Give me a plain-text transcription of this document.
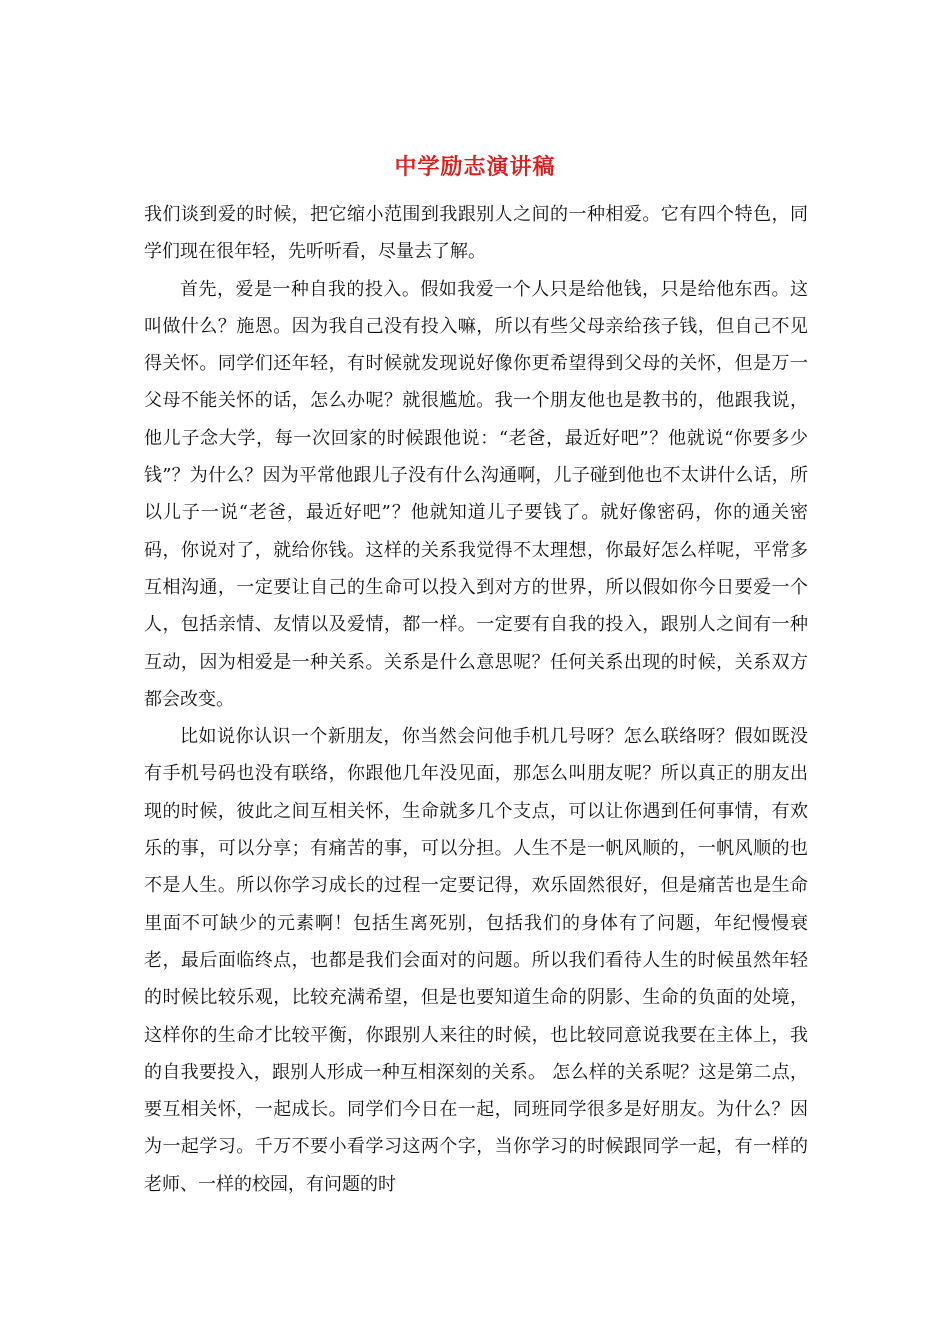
中学励志演讲稿

我们谈到爱的时候，把它缩小范围到我跟别人之间的一种相爱。它有四个特色，同学们现在很年轻，先听听看，尽量去了解。

首先，爱是一种自我的投入。假如我爱一个人只是给他钱，只是给他东西。这叫做什么？施恩。因为我自己没有投入嘛，所以有些父母亲给孩子钱，但自己不见得关怀。同学们还年轻，有时候就发现说好像你更希望得到父母的关怀，但是万一父母不能关怀的话，怎么办呢？就很尴尬。我一个朋友他也是教书的，他跟我说，他儿子念大学，每一次回家的时候跟他说：“老爸，最近好吧”？他就说“你要多少钱”？为什么？因为平常他跟儿子没有什么沟通啊，儿子碰到他也不太讲什么话，所以儿子一说“老爸，最近好吧”？他就知道儿子要钱了。就好像密码，你的通关密码，你说对了，就给你钱。这样的关系我觉得不太理想，你最好怎么样呢，平常多互相沟通，一定要让自己的生命可以投入到对方的世界，所以假如你今日要爱一个人，包括亲情、友情以及爱情，都一样。一定要有自我的投入，跟别人之间有一种互动，因为相爱是一种关系。关系是什么意思呢？任何关系出现的时候，关系双方都会改变。

比如说你认识一个新朋友，你当然会问他手机几号呀？怎么联络呀？假如既没有手机号码也没有联络，你跟他几年没见面，那怎么叫朋友呢？所以真正的朋友出现的时候，彼此之间互相关怀，生命就多几个支点，可以让你遇到任何事情，有欢乐的事，可以分享；有痛苦的事，可以分担。人生不是一帆风顺的，一帆风顺的也不是人生。所以你学习成长的过程一定要记得，欢乐固然很好，但是痛苦也是生命里面不可缺少的元素啊！包括生离死别，包括我们的身体有了问题，年纪慢慢衰老，最后面临终点，也都是我们会面对的问题。所以我们看待人生的时候虽然年轻的时候比较乐观，比较充满希望，但是也要知道生命的阴影、生命的负面的处境，这样你的生命才比较平衡，你跟别人来往的时候，也比较同意说我要在主体上，我的自我要投入，跟别人形成一种互相深刻的关系。 怎么样的关系呢？这是第二点，要互相关怀，一起成长。同学们今日在一起，同班同学很多是好朋友。为什么？因为一起学习。千万不要小看学习这两个字，当你学习的时候跟同学一起，有一样的老师、一样的校园，有问题的时
